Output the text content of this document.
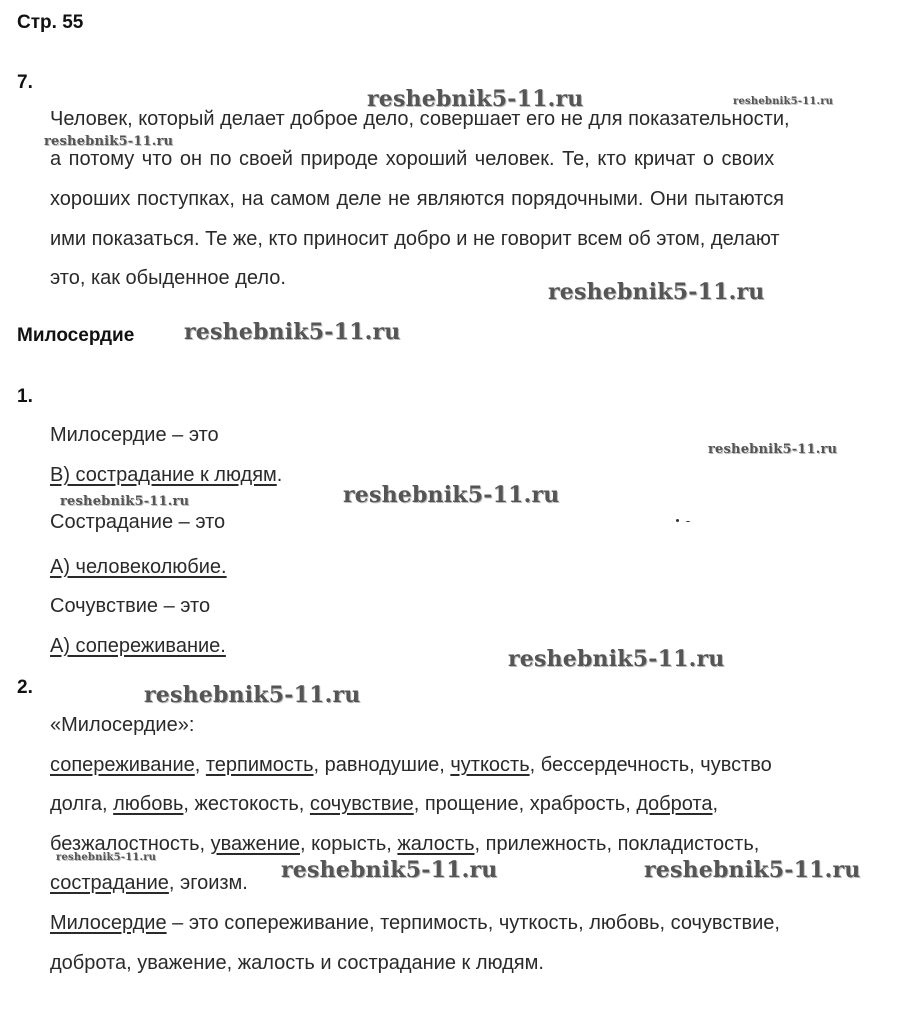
Стр. 55
7.
Человек, который делает доброе дело, совершает его не для показательности,
а потому что он по своей природе хороший человек. Те, кто кричат о своих
хороших поступках, на самом деле не являются порядочными. Они пытаются
ими показаться. Те же, кто приносит добро и не говорит всем об этом, делают
это, как обыденное дело.
Милосердие
1.
Милосердие – это
В) сострадание к людям.
Сострадание – это
А) человеколюбие.
Сочувствие – это
А) сопереживание.
2.
«Милосердие»:
сопереживание, терпимость, равнодушие, чуткость, бессердечность, чувство
долга, любовь, жестокость, сочувствие, прощение, храбрость, доброта,
безжалостность, уважение, корысть, жалость, прилежность, покладистость,
сострадание, эгоизм.
Милосердие – это сопереживание, терпимость, чуткость, любовь, сочувствие,
доброта, уважение, жалость и сострадание к людям.
reshebnik5-11.ru	reshebnik5-11.ru
reshebnik5-11.ru
reshebnik5-11.ru
reshebnik5-11.ru
reshebnik5-11.ru
reshebnik5-11.ru
reshebnik5-11.ru
reshebnik5-11.ru
reshebnik5-11.ru
reshebnik5-11.ru	reshebnik5-11.ru	reshebnik5-11.ru
